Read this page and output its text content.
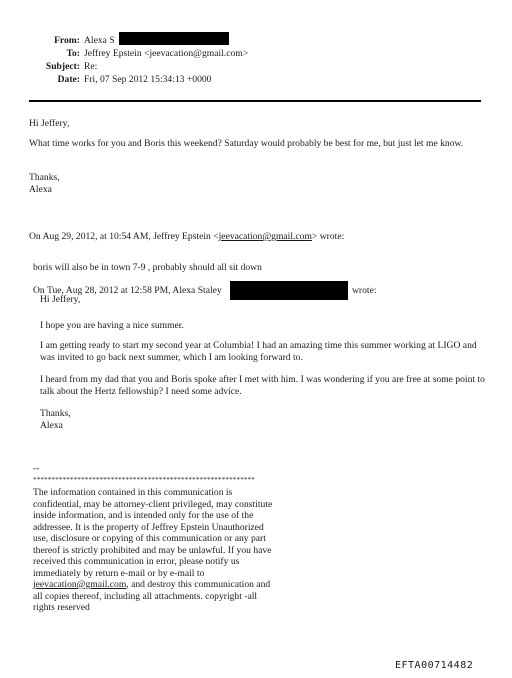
From: Alexa S
To: Jeffrey Epstein <jeevacation@gmail.com>
Subject: Re:
Date: Fri, 07 Sep 2012 15:34:13 +0000
Hi Jeffery,
What time works for you and Boris this weekend? Saturday would probably be best for me, but just let me know.
Thanks,
Alexa
On Aug 29, 2012, at 10:54 AM, Jeffrey Epstein <jeevacation@gmail.com> wrote:
boris will also be in town 7-9 , probably should all sit down
On Tue, Aug 28, 2012 at 12:58 PM, Alexa Staley	wrote:
Hi Jeffery,
I hope you are having a nice summer.
I am getting ready to start my second year at Columbia! I had an amazing time this summer working at LIGO and was invited to go back next summer, which I am looking forward to.
I heard from my dad that you and Boris spoke after I met with him. I was wondering if you are free at some point to talk about the Hertz fellowship? I need some advice.
Thanks,
Alexa
--
************************************************************
The information contained in this communication is confidential, may be attorney-client privileged, may constitute inside information, and is intended only for the use of the addressee. It is the property of Jeffrey Epstein Unauthorized use, disclosure or copying of this communication or any part thereof is strictly prohibited and may be unlawful. If you have received this communication in error, please notify us immediately by return e-mail or by e-mail to jeevacation@gmail.com, and destroy this communication and all copies thereof, including all attachments. copyright -all rights reserved
EFTA00714482
